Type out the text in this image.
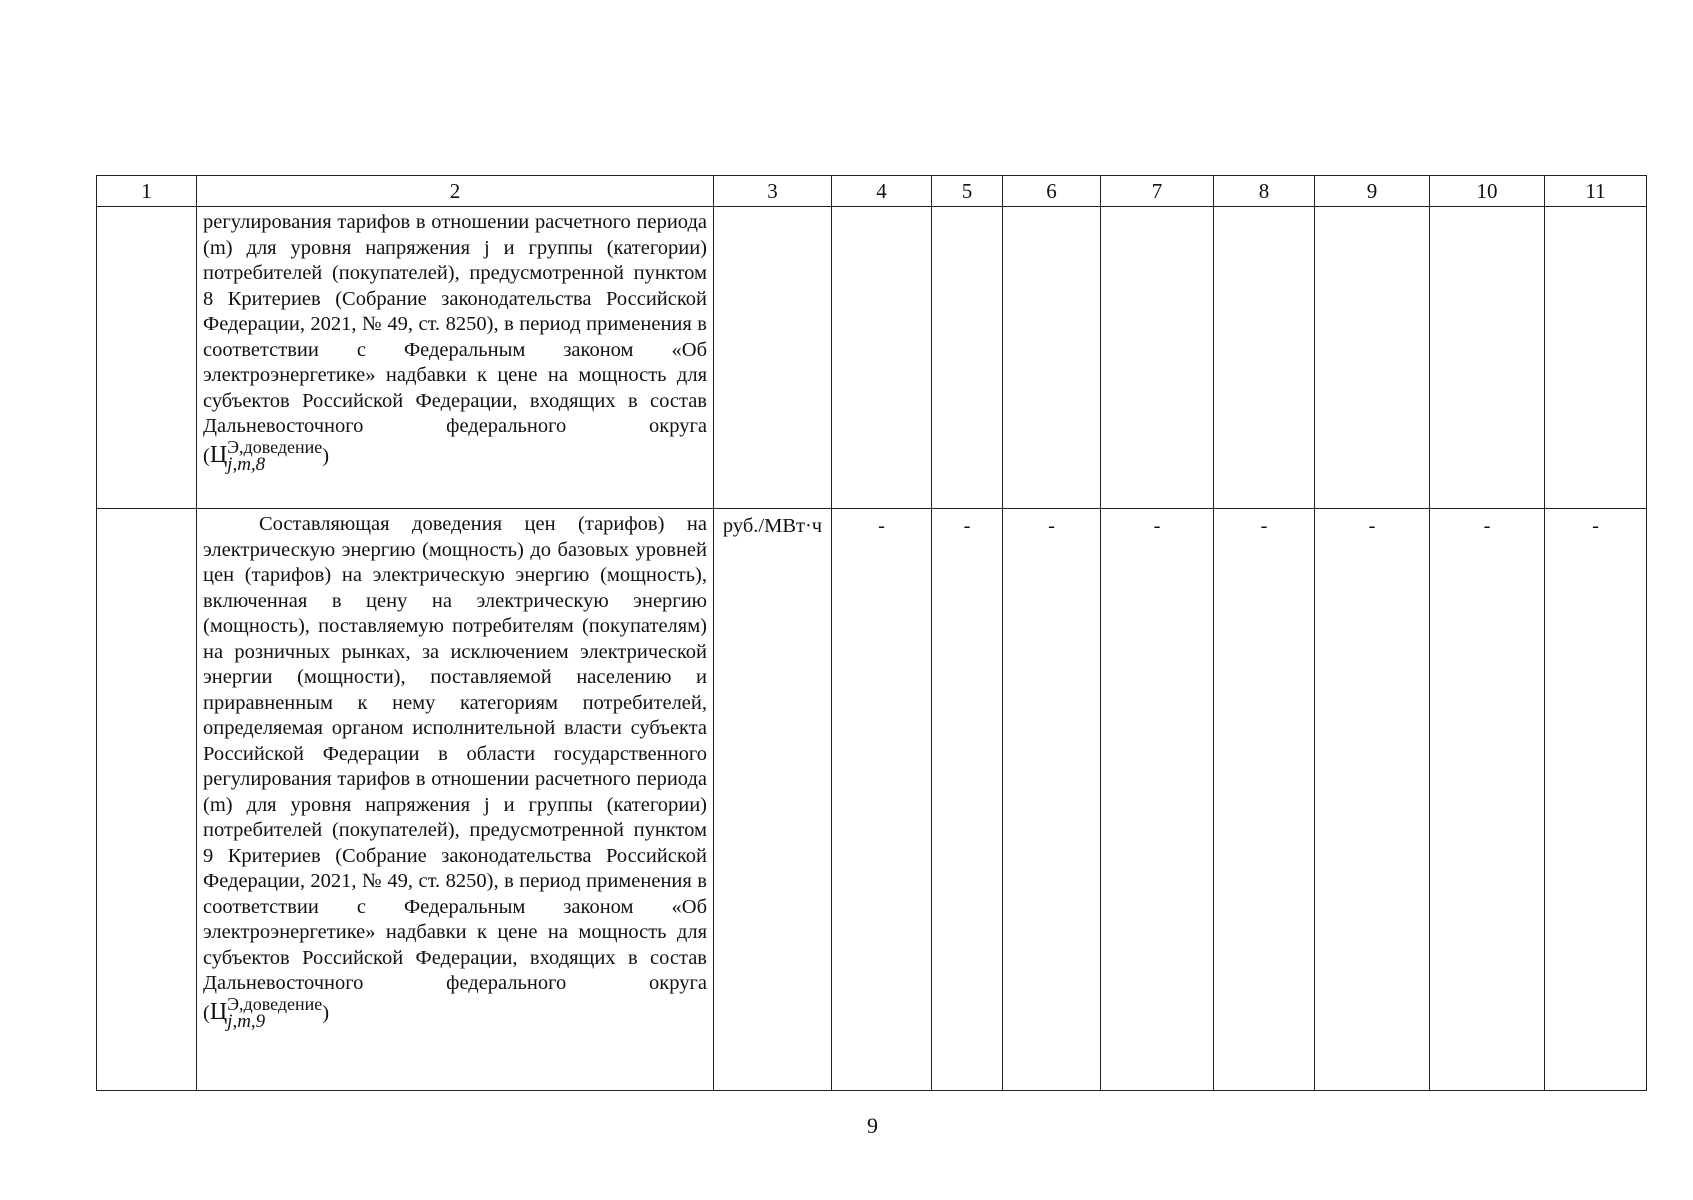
1	2	3	4	5	6	7	8	9	10	11

	регулирования тарифов в отношении расчетного периода (m) для уровня напряжения j и группы (категории) потребителей (покупателей), предусмотренной пунктом 8 Критериев (Собрание законодательства Российской Федерации, 2021, № 49, ст. 8250), в период применения в соответствии с Федеральным законом «Об электроэнергетике» надбавки к цене на мощность для субъектов Российской Федерации, входящих в состав Дальневосточного федерального округа
(Ц Э,доведение
j,m,8 )									

	Составляющая доведения цен (тарифов) на электрическую энергию (мощность) до базовых уровней цен (тарифов) на электрическую энергию (мощность), включенная в цену на электрическую энергию (мощность), поставляемую потребителям (покупателям) на розничных рынках, за исключением электрической энергии (мощности), поставляемой населению и приравненным к нему категориям потребителей, определяемая органом исполнительной власти субъекта Российской Федерации в области государственного регулирования тарифов в отношении расчетного периода (m) для уровня напряжения j и группы (категории) потребителей (покупателей), предусмотренной пунктом 9 Критериев (Собрание законодательства Российской Федерации, 2021, № 49, ст. 8250), в период применения в соответствии с Федеральным законом «Об электроэнергетике» надбавки к цене на мощность для субъектов Российской Федерации, входящих в состав Дальневосточного федерального округа
(Ц Э,доведение
j,m,9 )	руб./МВт·ч	-	-	-	-	-	-	-	-
9
